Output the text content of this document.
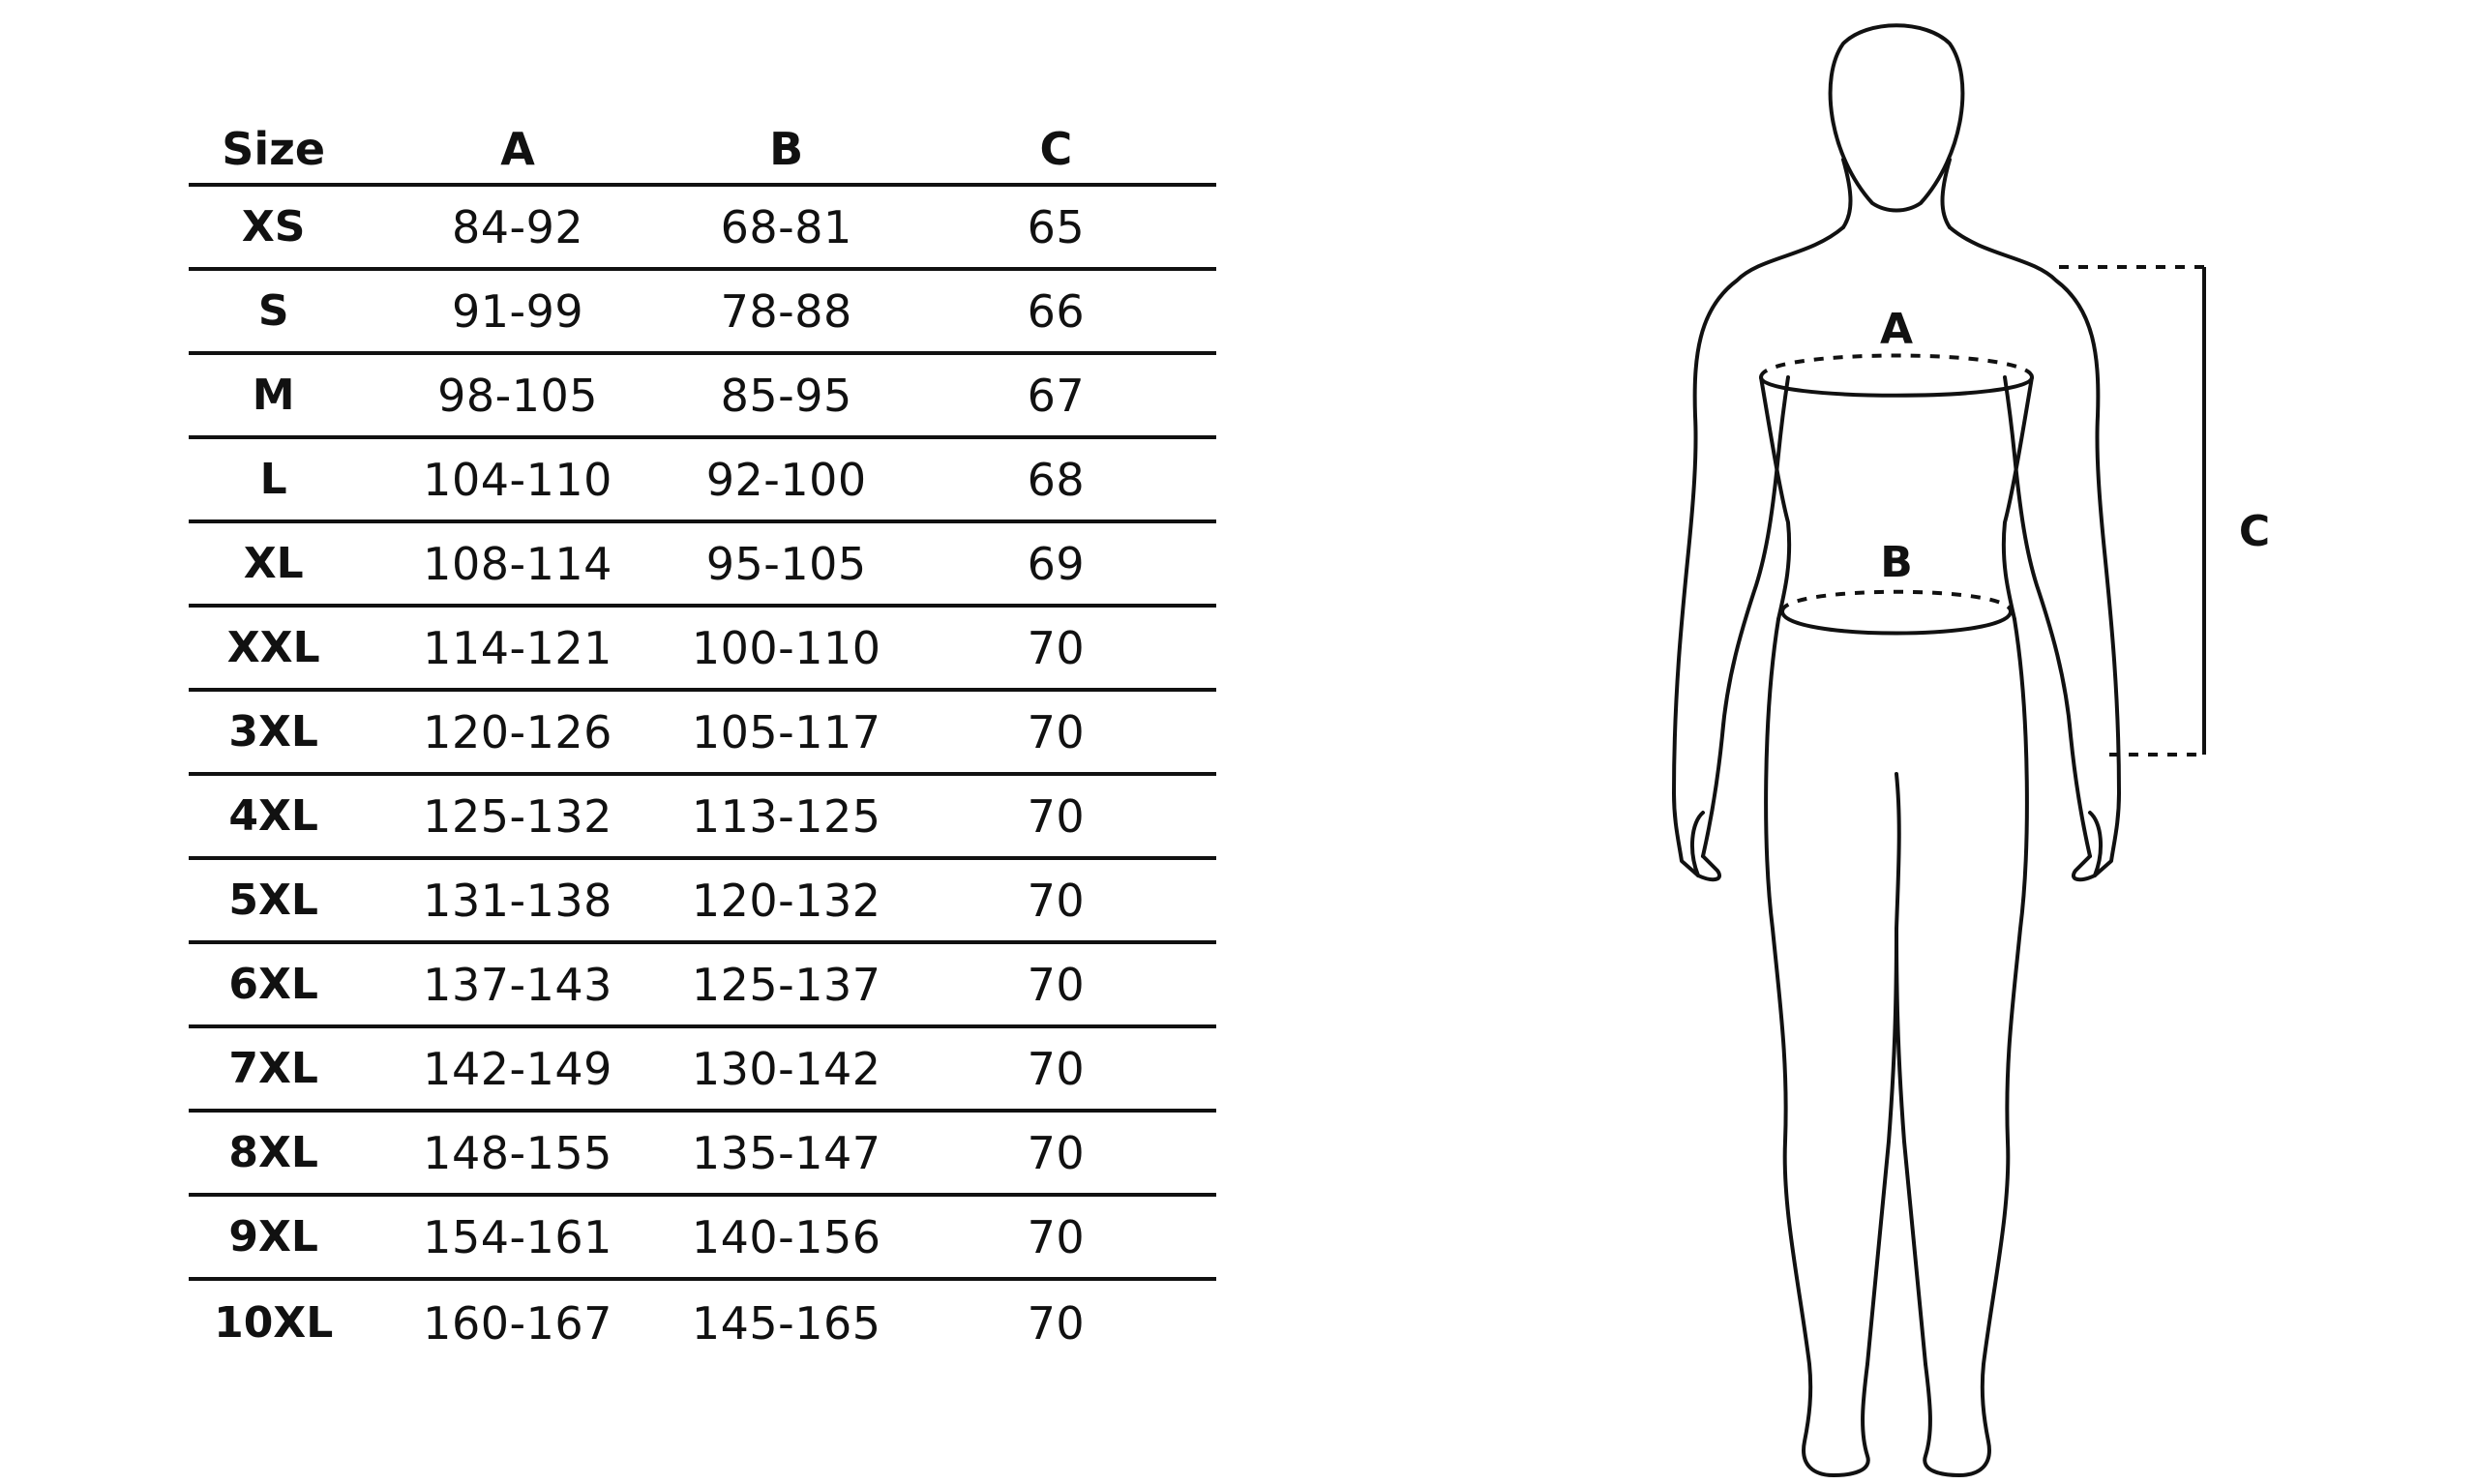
Size	A	B	C
XS	84-92	68-81	65
S	91-99	78-88	66
M	98-105	85-95	67
L	104-110	92-100	68
XL	108-114	95-105	69
XXL	114-121	100-110	70
3XL	120-126	105-117	70
4XL	125-132	113-125	70
5XL	131-138	120-132	70
6XL	137-143	125-137	70
7XL	142-149	130-142	70
8XL	148-155	135-147	70
9XL	154-161	140-156	70
10XL	160-167	145-165	70
A
B
C
